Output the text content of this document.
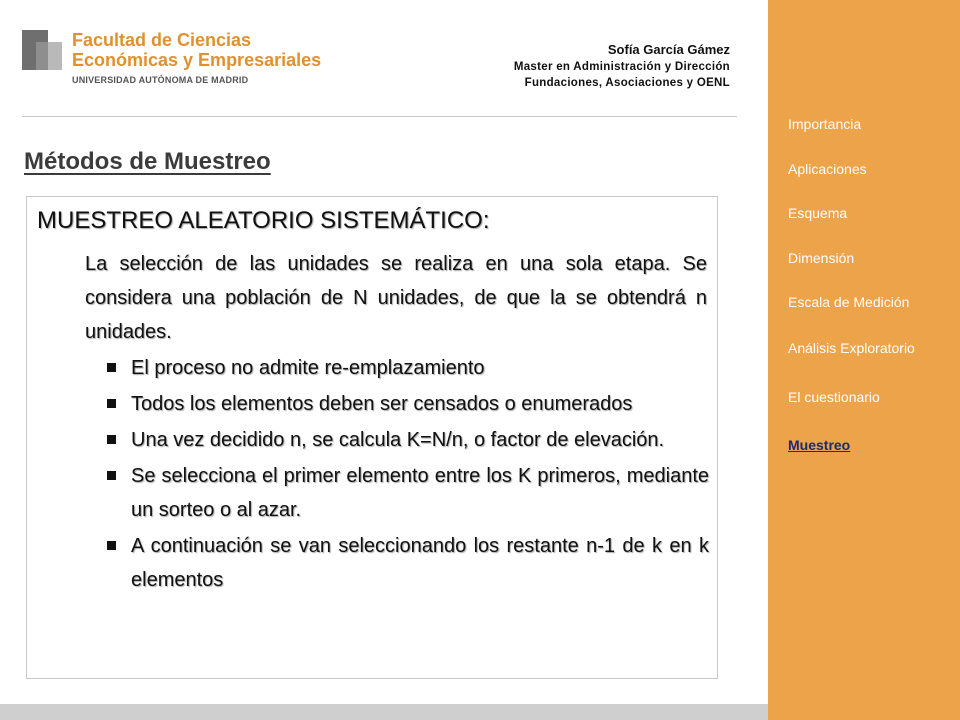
Facultad de Ciencias
Económicas y Empresariales
UNIVERSIDAD AUTÓNOMA DE MADRID
Sofía García Gámez
Master en Administración y Dirección
Fundaciones, Asociaciones y OENL
Métodos de Muestreo
MUESTREO ALEATORIO SISTEMÁTICO:
La selección de las unidades se realiza en una sola etapa. Se considera una población de N unidades, de que la se obtendrá n unidades.
El proceso no admite re-emplazamiento
Todos los elementos deben ser censados o enumerados
Una vez decidido n, se calcula K=N/n, o factor de elevación.
Se selecciona el primer elemento entre los K primeros, mediante un sorteo o al azar.
A continuación se van seleccionando los restante n-1 de k en k elementos
Importancia
Aplicaciones
Esquema
Dimensión
Escala de Medición
Análisis Exploratorio
El cuestionario
Muestreo
